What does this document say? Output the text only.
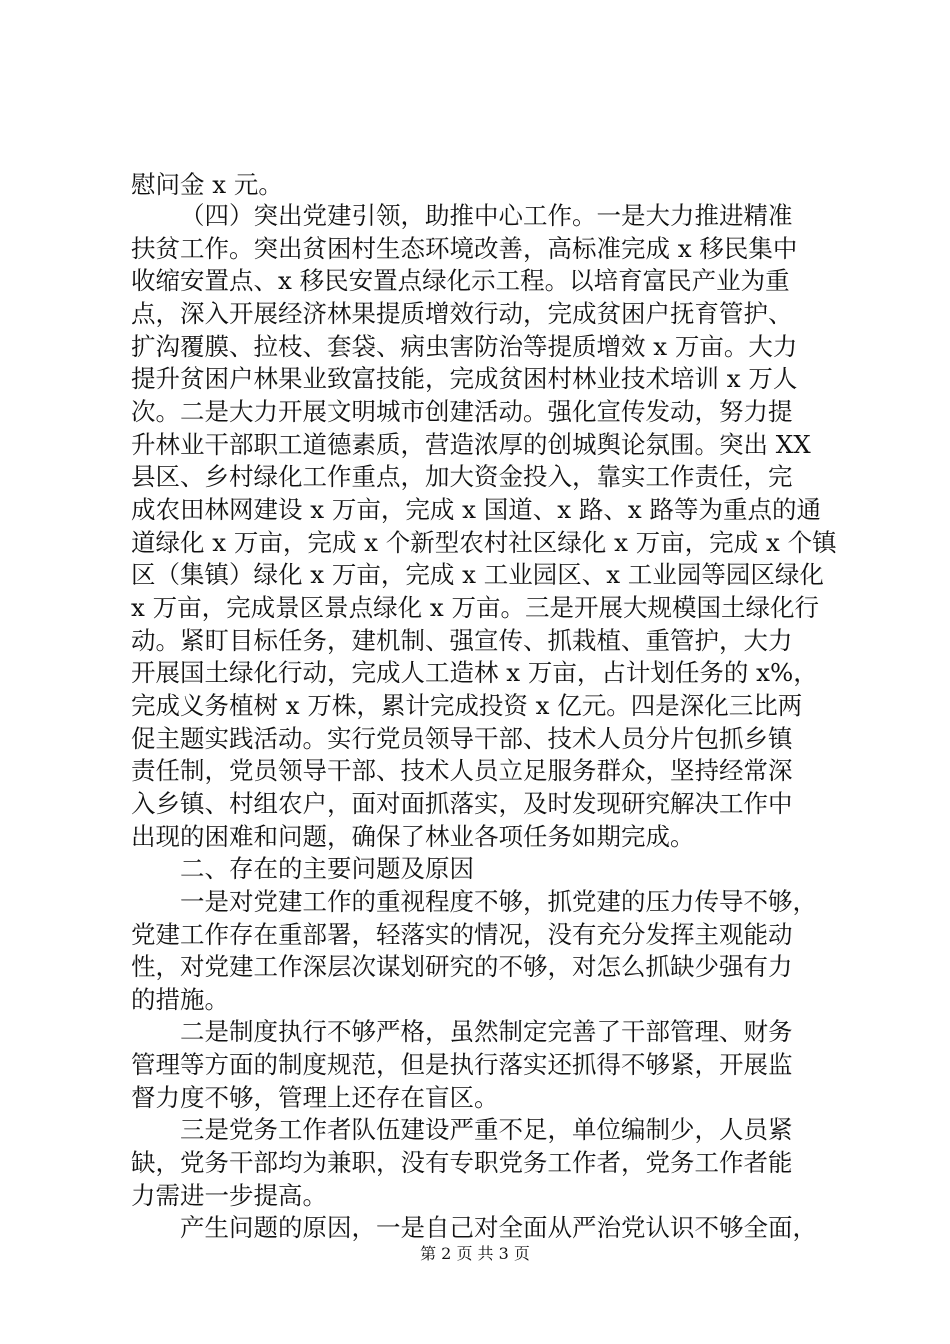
慰问金 x 元。
（四）突出党建引领，助推中心工作。一是大力推进精准
扶贫工作。突出贫困村生态环境改善，高标准完成 x 移民集中
收缩安置点、x 移民安置点绿化示工程。以培育富民产业为重
点，深入开展经济林果提质增效行动，完成贫困户抚育管护、
扩沟覆膜、拉枝、套袋、病虫害防治等提质增效 x 万亩。大力
提升贫困户林果业致富技能，完成贫困村林业技术培训 x 万人
次。二是大力开展文明城市创建活动。强化宣传发动，努力提
升林业干部职工道德素质，营造浓厚的创城舆论氛围。突出 XX
县区、乡村绿化工作重点，加大资金投入，靠实工作责任，完
成农田林网建设 x 万亩，完成 x 国道、x 路、x 路等为重点的通
道绿化 x 万亩，完成 x 个新型农村社区绿化 x 万亩，完成 x 个镇
区（集镇）绿化 x 万亩，完成 x 工业园区、x 工业园等园区绿化
x 万亩，完成景区景点绿化 x 万亩。三是开展大规模国土绿化行
动。紧盯目标任务，建机制、强宣传、抓栽植、重管护，大力
开展国土绿化行动，完成人工造林 x 万亩，占计划任务的 x%，
完成义务植树 x 万株，累计完成投资 x 亿元。四是深化三比两
促主题实践活动。实行党员领导干部、技术人员分片包抓乡镇
责任制，党员领导干部、技术人员立足服务群众，坚持经常深
入乡镇、村组农户，面对面抓落实，及时发现研究解决工作中
出现的困难和问题，确保了林业各项任务如期完成。
二、存在的主要问题及原因
一是对党建工作的重视程度不够，抓党建的压力传导不够，
党建工作存在重部署，轻落实的情况，没有充分发挥主观能动
性，对党建工作深层次谋划研究的不够，对怎么抓缺少强有力
的措施。
二是制度执行不够严格，虽然制定完善了干部管理、财务
管理等方面的制度规范，但是执行落实还抓得不够紧，开展监
督力度不够，管理上还存在盲区。
三是党务工作者队伍建设严重不足，单位编制少，人员紧
缺，党务干部均为兼职，没有专职党务工作者，党务工作者能
力需进一步提高。
产生问题的原因，一是自己对全面从严治党认识不够全面，
第 2 页 共 3 页
